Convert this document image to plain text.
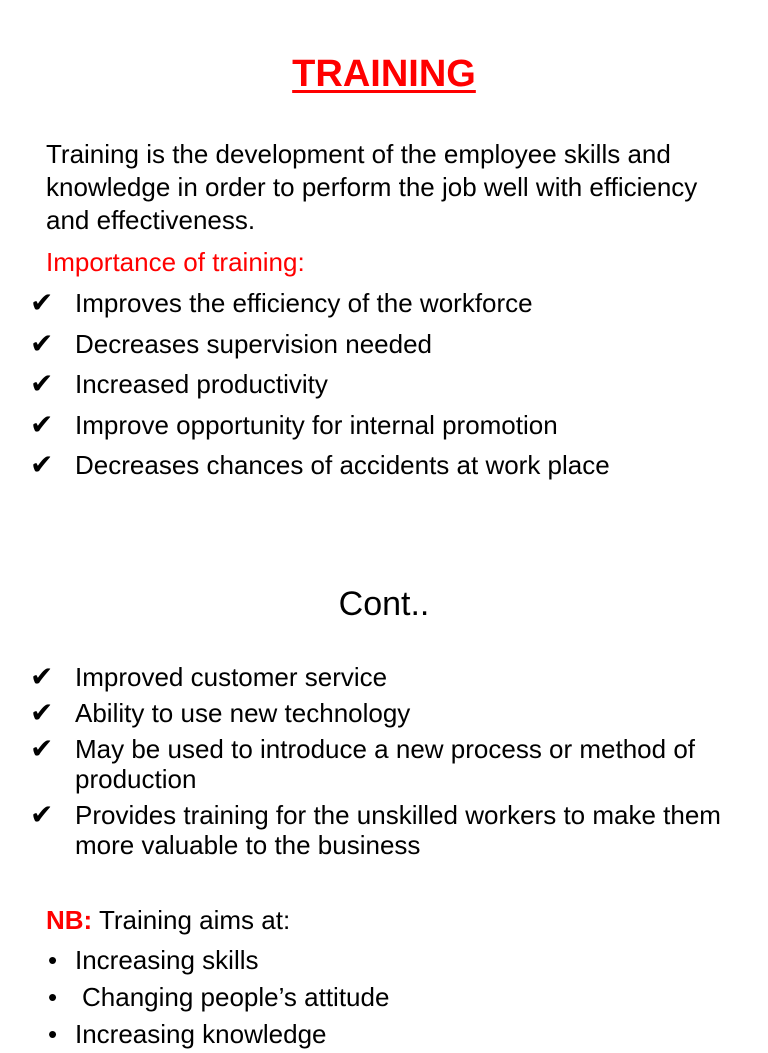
TRAINING
Training is the development of the employee skills and knowledge in order to perform the job well with efficiency and effectiveness.
Importance of training:
✔ Improves the efficiency of the workforce
✔ Decreases supervision needed
✔ Increased productivity
✔ Improve opportunity for internal promotion
✔ Decreases chances of accidents at work place
Cont..
✔ Improved customer service
✔ Ability to use new technology
✔ May be used to introduce a new process or method of production
✔ Provides training for the unskilled workers to make them more valuable to the business
NB: Training aims at:
• Increasing skills
• Changing people’s attitude
• Increasing knowledge
